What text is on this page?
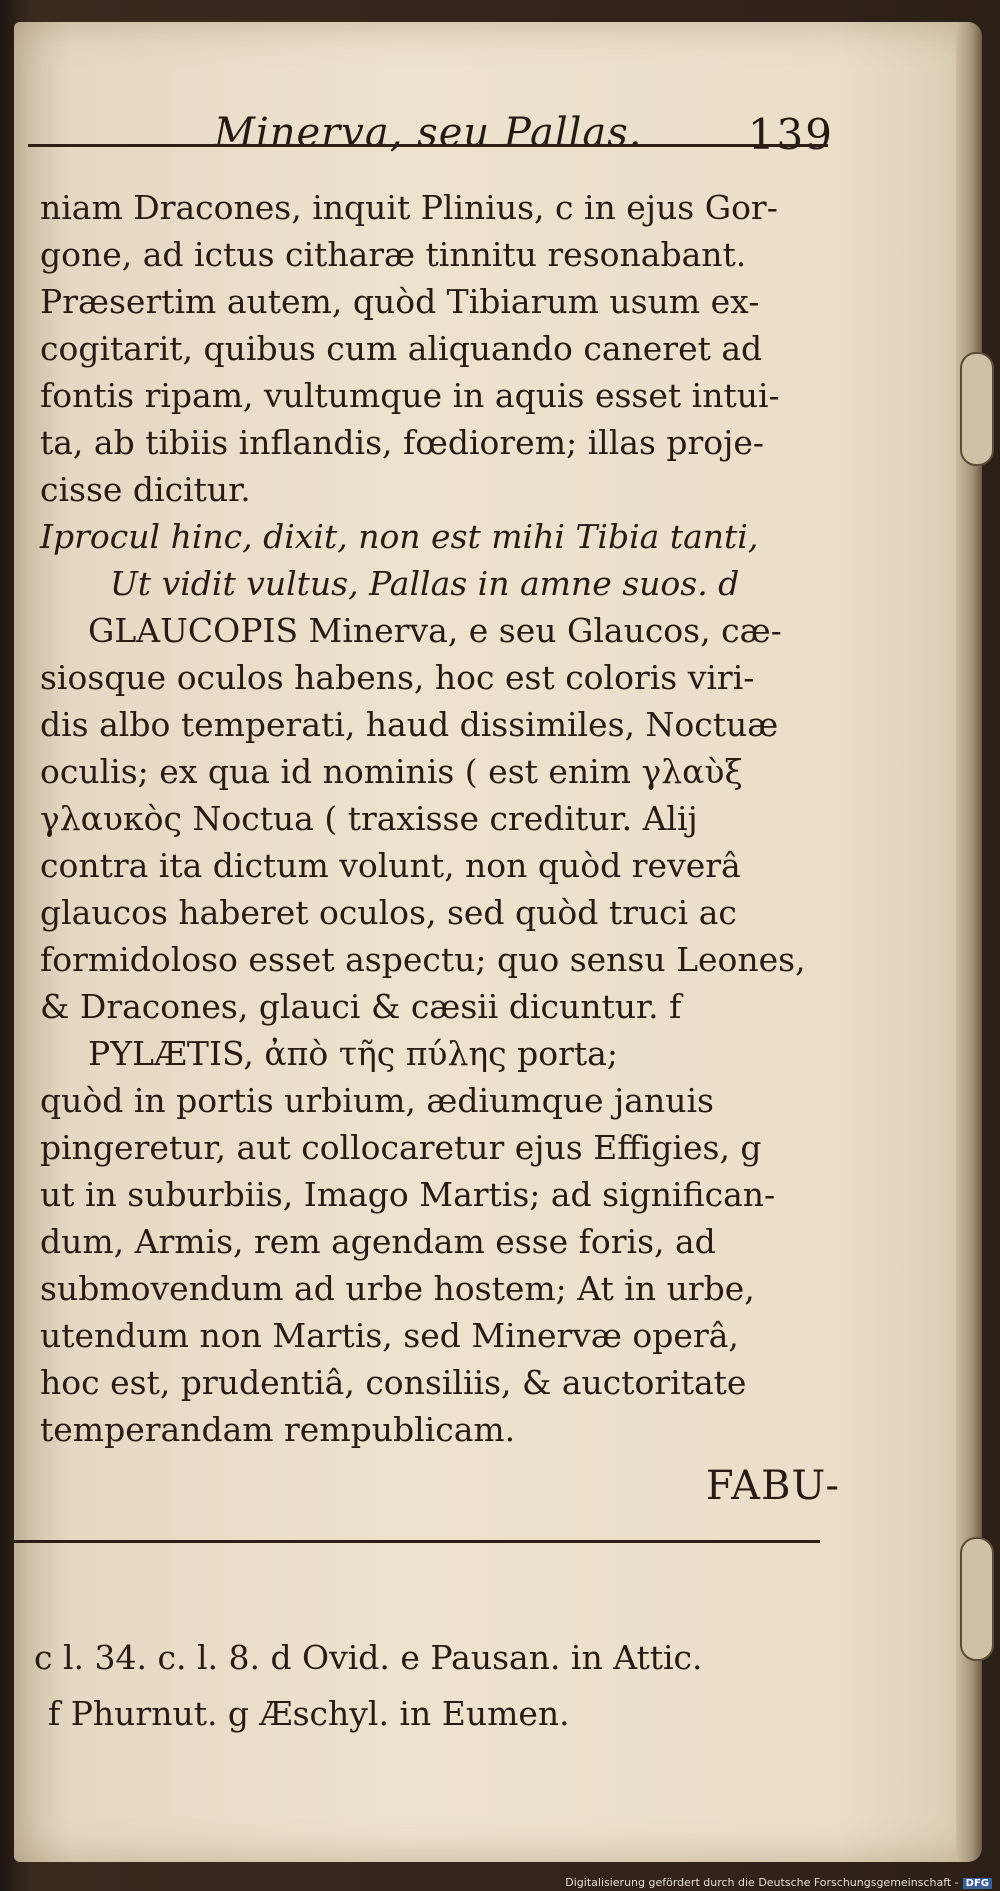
Minerva, seu Pallas.	139
niam Dracones, inquit Plinius, c in ejus Gor-
gone, ad ictus citharæ tinnitu resonabant.
Præsertim autem, quòd Tibiarum usum ex-
cogitarit, quibus cum aliquando caneret ad
fontis ripam, vultumque in aquis esset intui-
ta, ab tibiis inflandis, fœdiorem; illas proje-
cisse dicitur.
Iprocul hinc, dixit, non est mihi Tibia tanti,
Ut vidit vultus, Pallas in amne suos. d
GLAUCOPIS Minerva, e seu Glaucos, cæ-
siosque oculos habens, hoc est coloris viri-
dis albo temperati, haud dissimiles, Noctuæ
oculis; ex qua id nominis ( est enim γλαὺξ
γλαυκὸς Noctua ( traxisse creditur. Alij
contra ita dictum volunt, non quòd reverâ
glaucos haberet oculos, sed quòd truci ac
formidoloso esset aspectu; quo sensu Leones,
& Dracones, glauci & cæsii dicuntur. f
PYLÆTIS, ἀπὸ τῆς πύλης porta;
quòd in portis urbium, ædiumque januis
pingeretur, aut collocaretur ejus Effigies, g
ut in suburbiis, Imago Martis; ad significan-
dum, Armis, rem agendam esse foris, ad
submovendum ad urbe hostem; At in urbe,
utendum non Martis, sed Minervæ operâ,
hoc est, prudentiâ, consiliis, & auctoritate
temperandam rempublicam.
FABU-
c l. 34. c. l. 8. d Ovid. e Pausan. in Attic.
f Phurnut. g Æschyl. in Eumen.
Digitalisierung gefördert durch die Deutsche Forschungsgemeinschaft - DFG
